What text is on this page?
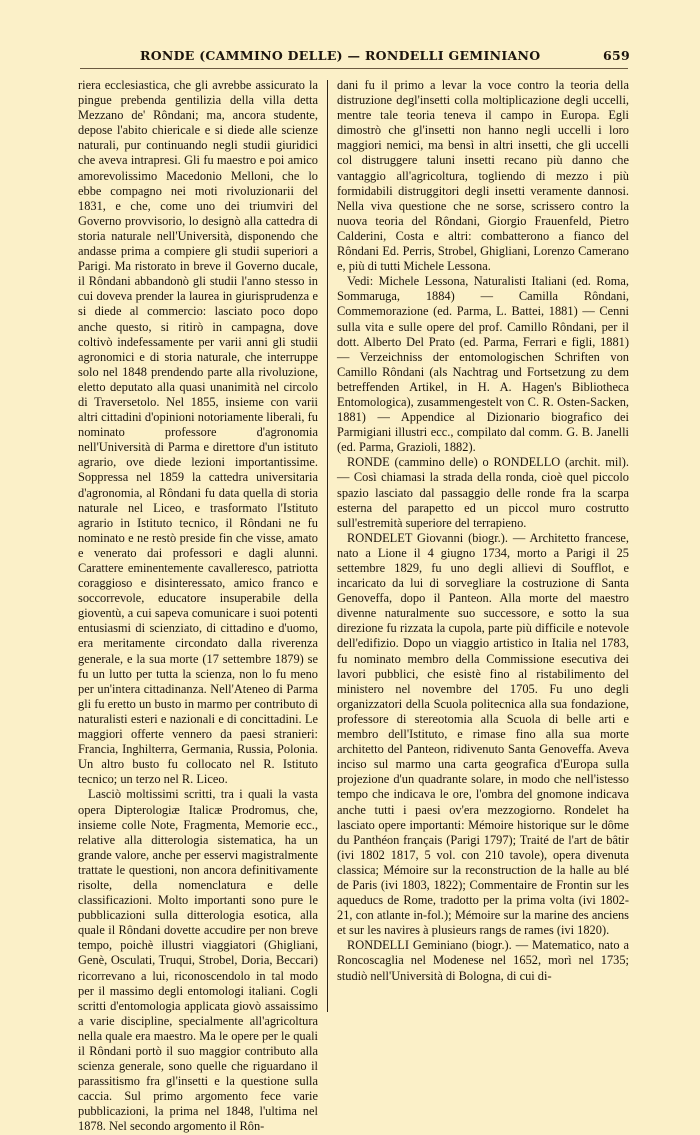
RONDE (CAMMINO DELLE) — RONDELLI GEMINIANO	659

riera ecclesiastica, che gli avrebbe assicurato la pingue prebenda gentilizia della villa detta Mezzano de' Rôndani; ma, ancora studente, depose l'abito chiericale e si diede alle scienze naturali, pur continuando negli studii giuridici che aveva intrapresi. Gli fu maestro e poi amico amorevolissimo Macedonio Melloni, che lo ebbe compagno nei moti rivoluzionarii del 1831, e che, come uno dei triumviri del Governo provvisorio, lo designò alla cattedra di storia naturale nell'Università, disponendo che andasse prima a compiere gli studii superiori a Parigi. Ma ristorato in breve il Governo ducale, il Rôndani abbandonò gli studii l'anno stesso in cui doveva prender la laurea in giurisprudenza e si diede al commercio: lasciato poco dopo anche questo, si ritirò in campagna, dove coltivò indefessamente per varii anni gli studii agronomici e di storia naturale, che interruppe solo nel 1848 prendendo parte alla rivoluzione, eletto deputato alla quasi unanimità nel circolo di Traversetolo. Nel 1855, insieme con varii altri cittadini d'opinioni notoriamente liberali, fu nominato professore d'agronomia nell'Università di Parma e direttore d'un istituto agrario, ove diede lezioni importantissime. Soppressa nel 1859 la cattedra universitaria d'agronomia, al Rôndani fu data quella di storia naturale nel Liceo, e trasformato l'Istituto agrario in Istituto tecnico, il Rôndani ne fu nominato e ne restò preside fin che visse, amato e venerato dai professori e dagli alunni. Carattere eminentemente cavalleresco, patriotta coraggioso e disinteressato, amico franco e soccorrevole, educatore insuperabile della gioventù, a cui sapeva comunicare i suoi potenti entusiasmi di scienziato, di cittadino e d'uomo, era meritamente circondato dalla riverenza generale, e la sua morte (17 settembre 1879) se fu un lutto per tutta la scienza, non lo fu meno per un'intera cittadinanza. Nell'Ateneo di Parma gli fu eretto un busto in marmo per contributo di naturalisti esteri e nazionali e di concittadini. Le maggiori offerte vennero da paesi stranieri: Francia, Inghilterra, Germania, Russia, Polonia. Un altro busto fu collocato nel R. Istituto tecnico; un terzo nel R. Liceo.

Lasciò moltissimi scritti, tra i quali la vasta opera Dipterologiæ Italicæ Prodromus, che, insieme colle Note, Fragmenta, Memorie ecc., relative alla ditterologia sistematica, ha un grande valore, anche per esservi magistralmente trattate le questioni, non ancora definitivamente risolte, della nomenclatura e delle classificazioni. Molto importanti sono pure le pubblicazioni sulla ditterologia esotica, alla quale il Rôndani dovette accudire per non breve tempo, poichè illustri viaggiatori (Ghigliani, Genè, Osculati, Truqui, Strobel, Doria, Beccari) ricorrevano a lui, riconoscendolo in tal modo per il massimo degli entomologi italiani. Cogli scritti d'entomologia applicata giovò assaissimo a varie discipline, specialmente all'agricoltura nella quale era maestro. Ma le opere per le quali il Rôndani portò il suo maggior contributo alla scienza generale, sono quelle che riguardano il parassitismo fra gl'insetti e la questione sulla caccia. Sul primo argomento fece varie pubblicazioni, la prima nel 1848, l'ultima nel 1878. Nel secondo argomento il Rôn-

dani fu il primo a levar la voce contro la teoria della distruzione degl'insetti colla moltiplicazione degli uccelli, mentre tale teoria teneva il campo in Europa. Egli dimostrò che gl'insetti non hanno negli uccelli i loro maggiori nemici, ma bensì in altri insetti, che gli uccelli col distruggere taluni insetti recano più danno che vantaggio all'agricoltura, togliendo di mezzo i più formidabili distruggitori degli insetti veramente dannosi. Nella viva questione che ne sorse, scrissero contro la nuova teoria del Rôndani, Giorgio Frauenfeld, Pietro Calderini, Costa e altri: combatterono a fianco del Rôndani Ed. Perris, Strobel, Ghigliani, Lorenzo Camerano e, più di tutti Michele Lessona.

Vedi: Michele Lessona, Naturalisti Italiani (ed. Roma, Sommaruga, 1884) — Camilla Rôndani, Commemorazione (ed. Parma, L. Battei, 1881) — Cenni sulla vita e sulle opere del prof. Camillo Rôndani, per il dott. Alberto Del Prato (ed. Parma, Ferrari e figli, 1881) — Verzeichniss der entomologischen Schriften von Camillo Rôndani (als Nachtrag und Fortsetzung zu dem betreffenden Artikel, in H. A. Hagen's Bibliotheca Entomologica), zusammengestelt von C. R. Osten-Sacken, 1881) — Appendice al Dizionario biografico dei Parmigiani illustri ecc., compilato dal comm. G. B. Janelli (ed. Parma, Grazioli, 1882).

RONDE (cammino delle) o RONDELLO (archit. mil). — Così chiamasi la strada della ronda, cioè quel piccolo spazio lasciato dal passaggio delle ronde fra la scarpa esterna del parapetto ed un piccol muro costrutto sull'estremità superiore del terrapieno.

RONDELET Giovanni (biogr.). — Architetto francese, nato a Lione il 4 giugno 1734, morto a Parigi il 25 settembre 1829, fu uno degli allievi di Soufflot, e incaricato da lui di sorvegliare la costruzione di Santa Genoveffa, dopo il Panteon. Alla morte del maestro divenne naturalmente suo successore, e sotto la sua direzione fu rizzata la cupola, parte più difficile e notevole dell'edifizio. Dopo un viaggio artistico in Italia nel 1783, fu nominato membro della Commissione esecutiva dei lavori pubblici, che esistè fino al ristabilimento del ministero nel novembre del 1705. Fu uno degli organizzatori della Scuola politecnica alla sua fondazione, professore di stereotomia alla Scuola di belle arti e membro dell'Istituto, e rimase fino alla sua morte architetto del Panteon, ridivenuto Santa Genoveffa. Aveva inciso sul marmo una carta geografica d'Europa sulla projezione d'un quadrante solare, in modo che nell'istesso tempo che indicava le ore, l'ombra del gnomone indicava anche tutti i paesi ov'era mezzogiorno. Rondelet ha lasciato opere importanti: Mémoire historique sur le dôme du Panthéon français (Parigi 1797); Traité de l'art de bâtir (ivi 1802 1817, 5 vol. con 210 tavole), opera divenuta classica; Mémoire sur la reconstruction de la halle au blé de Paris (ivi 1803, 1822); Commentaire de Frontin sur les aqueducs de Rome, tradotto per la prima volta (ivi 1802-21, con atlante in-fol.); Mémoire sur la marine des anciens et sur les navires à plusieurs rangs de rames (ivi 1820).

RONDELLI Geminiano (biogr.). — Matematico, nato a Roncoscaglia nel Modenese nel 1652, morì nel 1735; studiò nell'Università di Bologna, di cui di-
